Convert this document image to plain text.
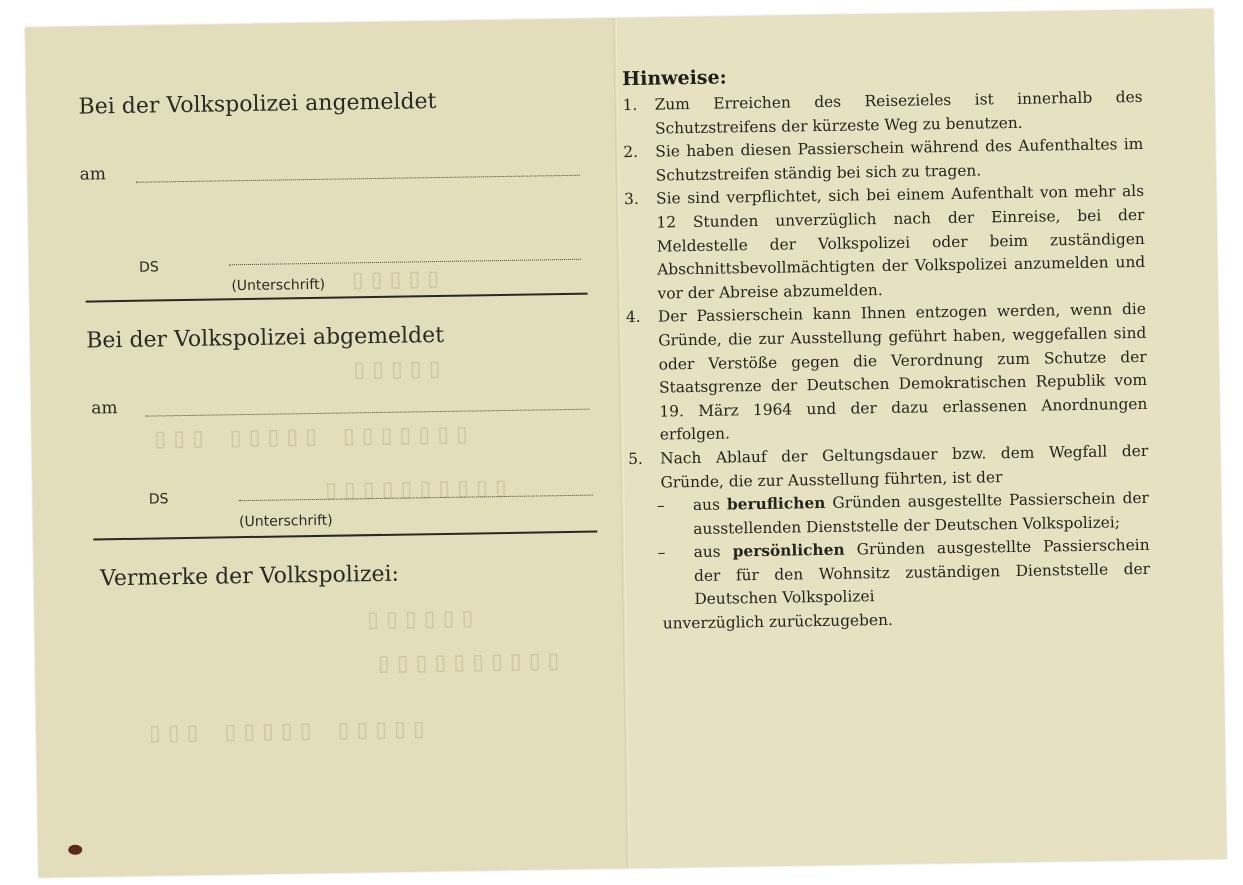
▯▯▯▯▯
▯▯▯▯▯
▯▯▯ ▯▯▯▯▯ ▯▯▯▯▯▯▯
▯▯▯▯▯▯▯▯▯▯
▯▯▯▯▯▯
▯▯▯▯▯▯▯▯▯▯
▯▯▯ ▯▯▯▯▯ ▯▯▯▯▯
Bei der Volkspolizei angemeldet
am
DS
(Unterschrift)
Bei der Volkspolizei abgemeldet
am
DS
(Unterschrift)
Vermerke der Volkspolizei:
Hinweise:
1. Zum Erreichen des Reisezieles ist innerhalb des Schutzstreifens der kürzeste Weg zu benutzen.
2. Sie haben diesen Passierschein während des Aufenthaltes im Schutzstreifen ständig bei sich zu tragen.
3. Sie sind verpflichtet, sich bei einem Aufenthalt von mehr als 12 Stunden unverzüglich nach der Einreise, bei der Meldestelle der Volkspolizei oder beim zuständigen Abschnittsbevollmächtigten der Volkspolizei anzumelden und vor der Abreise abzumelden.
4. Der Passierschein kann Ihnen entzogen werden, wenn die Gründe, die zur Ausstellung geführt haben, weggefallen sind oder Verstöße gegen die Verordnung zum Schutze der Staatsgrenze der Deutschen Demokratischen Republik vom 19. März 1964 und der dazu erlassenen Anordnungen erfolgen.
5. Nach Ablauf der Geltungsdauer bzw. dem Wegfall der Gründe, die zur Ausstellung führten, ist der
– aus beruflichen Gründen ausgestellte Passierschein der ausstellenden Dienststelle der Deutschen Volkspolizei;
– aus persönlichen Gründen ausgestellte Passierschein der für den Wohnsitz zuständigen Dienststelle der Deutschen Volkspolizei
unverzüglich zurückzugeben.
